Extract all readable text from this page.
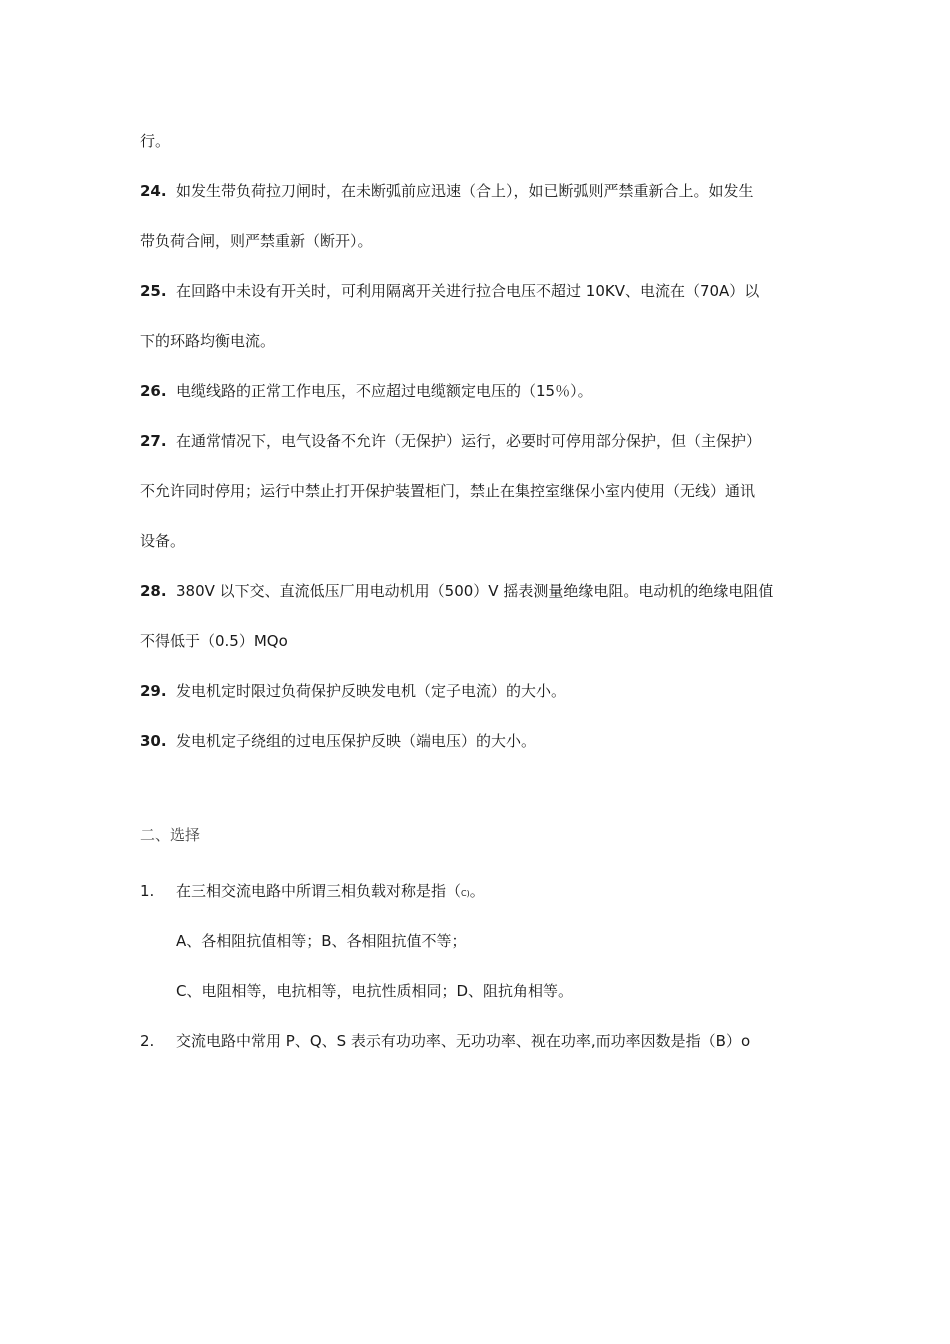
行。
24. 如发生带负荷拉刀闸时，在未断弧前应迅速（合上），如已断弧则严禁重新合上。如发生
带负荷合闸，则严禁重新（断开）。
25. 在回路中未设有开关时，可利用隔离开关进行拉合电压不超过 10KV、电流在（70A）以
下的环路均衡电流。
26. 电缆线路的正常工作电压，不应超过电缆额定电压的（15％）。
27. 在通常情况下，电气设备不允许（无保护）运行，必要时可停用部分保护，但（主保护）
不允许同时停用；运行中禁止打开保护装置柜门，禁止在集控室继保小室内使用（无线）通讯
设备。
28. 380V 以下交、直流低压厂用电动机用（500）V 摇表测量绝缘电阻。电动机的绝缘电阻值
不得低于（0.5）MQo
29. 发电机定时限过负荷保护反映发电机（定子电流）的大小。
30. 发电机定子绕组的过电压保护反映（端电压）的大小。
二、选择
1. 在三相交流电路中所谓三相负载对称是指（C)。
A、各相阻抗值相等；B、各相阻抗值不等；
C、电阻相等，电抗相等，电抗性质相同；D、阻抗角相等。
2. 交流电路中常用 P、Q、S 表示有功功率、无功功率、视在功率,而功率因数是指（B）o
